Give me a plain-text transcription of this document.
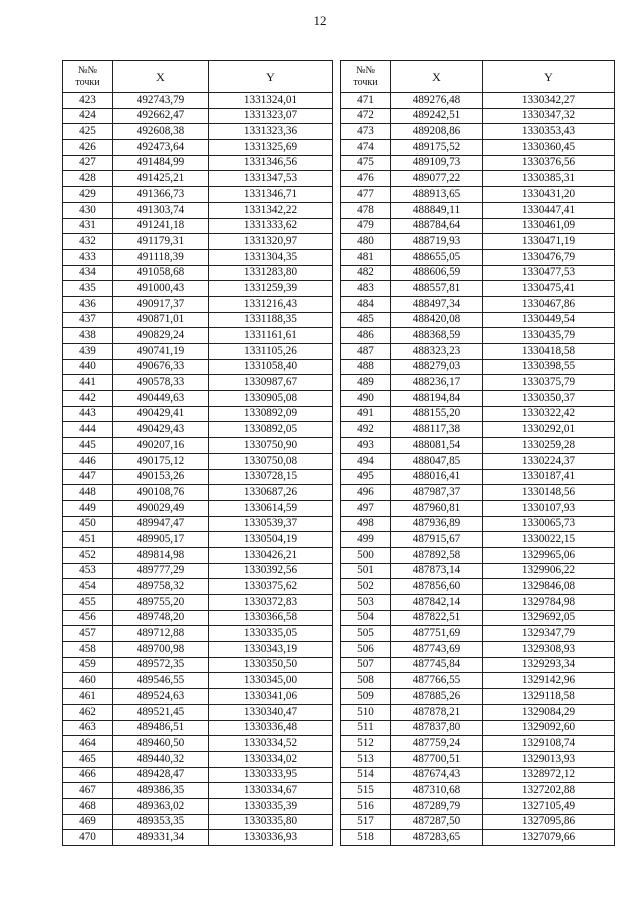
12
№№
точки	X	Y
423	492743,79	1331324,01
424	492662,47	1331323,07
425	492608,38	1331323,36
426	492473,64	1331325,69
427	491484,99	1331346,56
428	491425,21	1331347,53
429	491366,73	1331346,71
430	491303,74	1331342,22
431	491241,18	1331333,62
432	491179,31	1331320,97
433	491118,39	1331304,35
434	491058,68	1331283,80
435	491000,43	1331259,39
436	490917,37	1331216,43
437	490871,01	1331188,35
438	490829,24	1331161,61
439	490741,19	1331105,26
440	490676,33	1331058,40
441	490578,33	1330987,67
442	490449,63	1330905,08
443	490429,41	1330892,09
444	490429,43	1330892,05
445	490207,16	1330750,90
446	490175,12	1330750,08
447	490153,26	1330728,15
448	490108,76	1330687,26
449	490029,49	1330614,59
450	489947,47	1330539,37
451	489905,17	1330504,19
452	489814,98	1330426,21
453	489777,29	1330392,56
454	489758,32	1330375,62
455	489755,20	1330372,83
456	489748,20	1330366,58
457	489712,88	1330335,05
458	489700,98	1330343,19
459	489572,35	1330350,50
460	489546,55	1330345,00
461	489524,63	1330341,06
462	489521,45	1330340,47
463	489486,51	1330336,48
464	489460,50	1330334,52
465	489440,32	1330334,02
466	489428,47	1330333,95
467	489386,35	1330334,67
468	489363,02	1330335,39
469	489353,35	1330335,80
470	489331,34	1330336,93
№№
точки	X	Y
471	489276,48	1330342,27
472	489242,51	1330347,32
473	489208,86	1330353,43
474	489175,52	1330360,45
475	489109,73	1330376,56
476	489077,22	1330385,31
477	488913,65	1330431,20
478	488849,11	1330447,41
479	488784,64	1330461,09
480	488719,93	1330471,19
481	488655,05	1330476,79
482	488606,59	1330477,53
483	488557,81	1330475,41
484	488497,34	1330467,86
485	488420,08	1330449,54
486	488368,59	1330435,79
487	488323,23	1330418,58
488	488279,03	1330398,55
489	488236,17	1330375,79
490	488194,84	1330350,37
491	488155,20	1330322,42
492	488117,38	1330292,01
493	488081,54	1330259,28
494	488047,85	1330224,37
495	488016,41	1330187,41
496	487987,37	1330148,56
497	487960,81	1330107,93
498	487936,89	1330065,73
499	487915,67	1330022,15
500	487892,58	1329965,06
501	487873,14	1329906,22
502	487856,60	1329846,08
503	487842,14	1329784,98
504	487822,51	1329692,05
505	487751,69	1329347,79
506	487743,69	1329308,93
507	487745,84	1329293,34
508	487766,55	1329142,96
509	487885,26	1329118,58
510	487878,21	1329084,29
511	487837,80	1329092,60
512	487759,24	1329108,74
513	487700,51	1329013,93
514	487674,43	1328972,12
515	487310,68	1327202,88
516	487289,79	1327105,49
517	487287,50	1327095,86
518	487283,65	1327079,66
